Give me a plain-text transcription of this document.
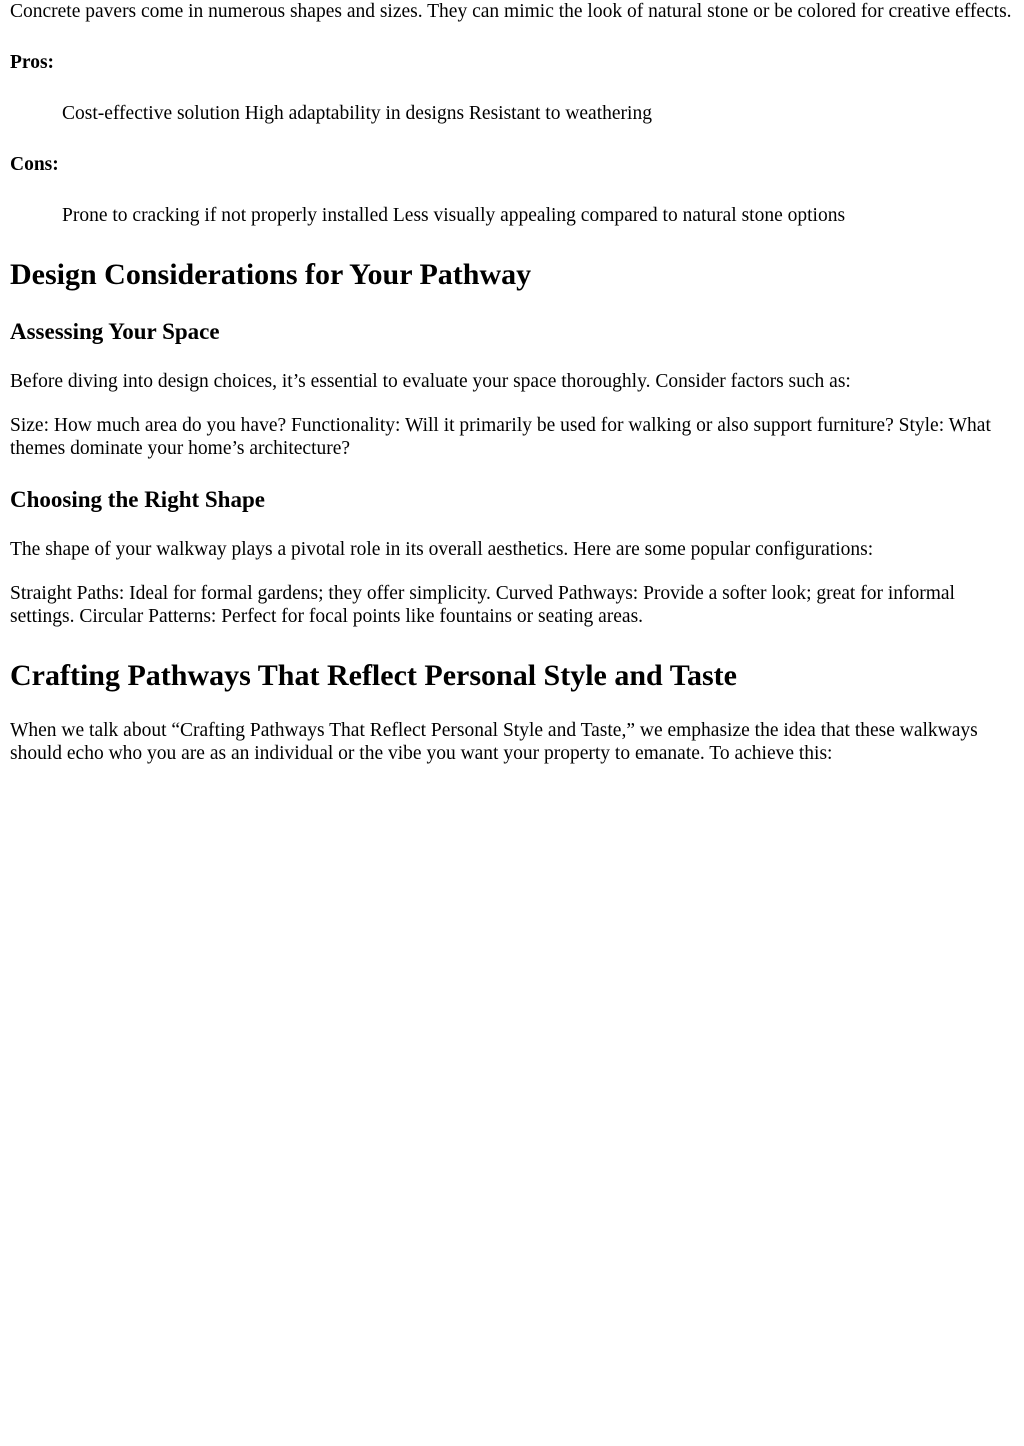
Concrete pavers come in numerous shapes and sizes. They can mimic the look of natural stone or be colored for creative effects.

Pros:

Cost-effective solution High adaptability in designs Resistant to weathering

Cons:

Prone to cracking if not properly installed Less visually appealing compared to natural stone options

Design Considerations for Your Pathway
Assessing Your Space

Before diving into design choices, it’s essential to evaluate your space thoroughly. Consider factors such as:

Size: How much area do you have? Functionality: Will it primarily be used for walking or also support furniture? Style: What themes dominate your home’s architecture?

Choosing the Right Shape

The shape of your walkway plays a pivotal role in its overall aesthetics. Here are some popular configurations:

Straight Paths: Ideal for formal gardens; they offer simplicity. Curved Pathways: Provide a softer look; great for informal settings. Circular Patterns: Perfect for focal points like fountains or seating areas.

Crafting Pathways That Reflect Personal Style and Taste

When we talk about “Crafting Pathways That Reflect Personal Style and Taste,” we emphasize the idea that these walkways should echo who you are as an individual or the vibe you want your property to emanate. To achieve this:
